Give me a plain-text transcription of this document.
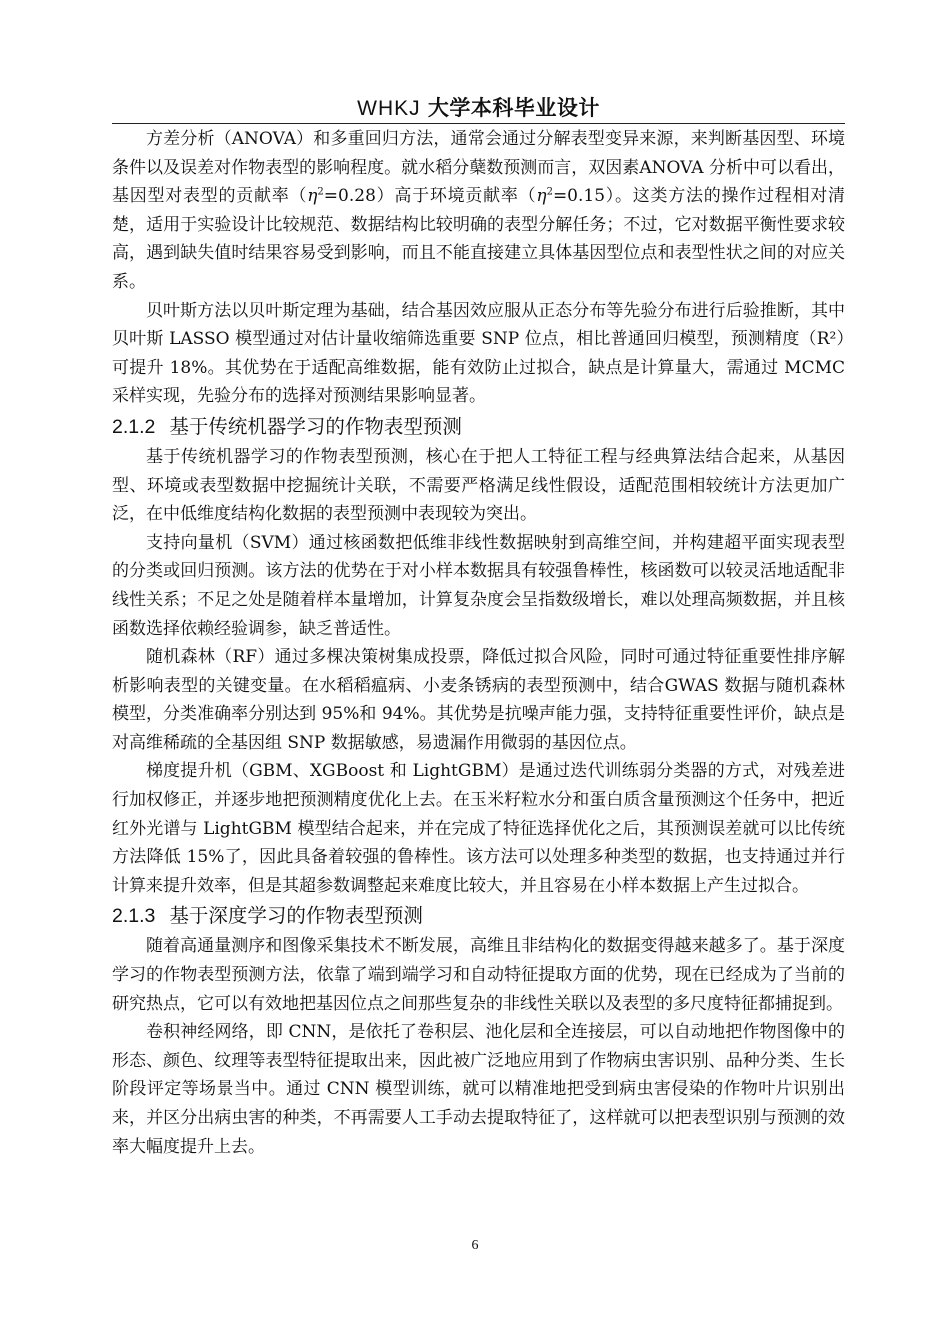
WHKJ 大学本科毕业设计

方差分析（ANOVA）和多重回归方法，通常会通过分解表型变异来源，来判断基因型、环境条件以及误差对作物表型的影响程度。就水稻分蘖数预测而言，双因素ANOVA 分析中可以看出，基因型对表型的贡献率$(\eta^2=0.28)$高于环境贡献率$(\eta^2=0.15)$。这类方法的操作过程相对清楚，适用于实验设计比较规范、数据结构比较明确的表型分解任务；不过，它对数据平衡性要求较高，遇到缺失值时结果容易受到影响，而且不能直接建立具体基因型位点和表型性状之间的对应关系。

贝叶斯方法以贝叶斯定理为基础，结合基因效应服从正态分布等先验分布进行后验推断，其中贝叶斯 LASSO 模型通过对估计量收缩筛选重要 SNP 位点，相比普通回归模型，预测精度（R²）可提升 18%。其优势在于适配高维数据，能有效防止过拟合，缺点是计算量大，需通过 MCMC 采样实现，先验分布的选择对预测结果影响显著。

2.1.2 基于传统机器学习的作物表型预测

基于传统机器学习的作物表型预测，核心在于把人工特征工程与经典算法结合起来，从基因型、环境或表型数据中挖掘统计关联，不需要严格满足线性假设，适配范围相较统计方法更加广泛，在中低维度结构化数据的表型预测中表现较为突出。

支持向量机（SVM）通过核函数把低维非线性数据映射到高维空间，并构建超平面实现表型的分类或回归预测。该方法的优势在于对小样本数据具有较强鲁棒性，核函数可以较灵活地适配非线性关系；不足之处是随着样本量增加，计算复杂度会呈指数级增长，难以处理高频数据，并且核函数选择依赖经验调参，缺乏普适性。

随机森林（RF）通过多棵决策树集成投票，降低过拟合风险，同时可通过特征重要性排序解析影响表型的关键变量。在水稻稻瘟病、小麦条锈病的表型预测中，结合GWAS 数据与随机森林模型，分类准确率分别达到 95%和 94%。其优势是抗噪声能力强，支持特征重要性评价，缺点是对高维稀疏的全基因组 SNP 数据敏感，易遗漏作用微弱的基因位点。

梯度提升机（GBM、XGBoost 和 LightGBM）是通过迭代训练弱分类器的方式，对残差进行加权修正，并逐步地把预测精度优化上去。在玉米籽粒水分和蛋白质含量预测这个任务中，把近红外光谱与 LightGBM 模型结合起来，并在完成了特征选择优化之后，其预测误差就可以比传统方法降低 15%了，因此具备着较强的鲁棒性。该方法可以处理多种类型的数据，也支持通过并行计算来提升效率，但是其超参数调整起来难度比较大，并且容易在小样本数据上产生过拟合。

2.1.3 基于深度学习的作物表型预测

随着高通量测序和图像采集技术不断发展，高维且非结构化的数据变得越来越多了。基于深度学习的作物表型预测方法，依靠了端到端学习和自动特征提取方面的优势，现在已经成为了当前的研究热点，它可以有效地把基因位点之间那些复杂的非线性关联以及表型的多尺度特征都捕捉到。

卷积神经网络，即 CNN，是依托了卷积层、池化层和全连接层，可以自动地把作物图像中的形态、颜色、纹理等表型特征提取出来，因此被广泛地应用到了作物病虫害识别、品种分类、生长阶段评定等场景当中。通过 CNN 模型训练，就可以精准地把受到病虫害侵染的作物叶片识别出来，并区分出病虫害的种类，不再需要人工手动去提取特征了，这样就可以把表型识别与预测的效率大幅度提升上去。

6
